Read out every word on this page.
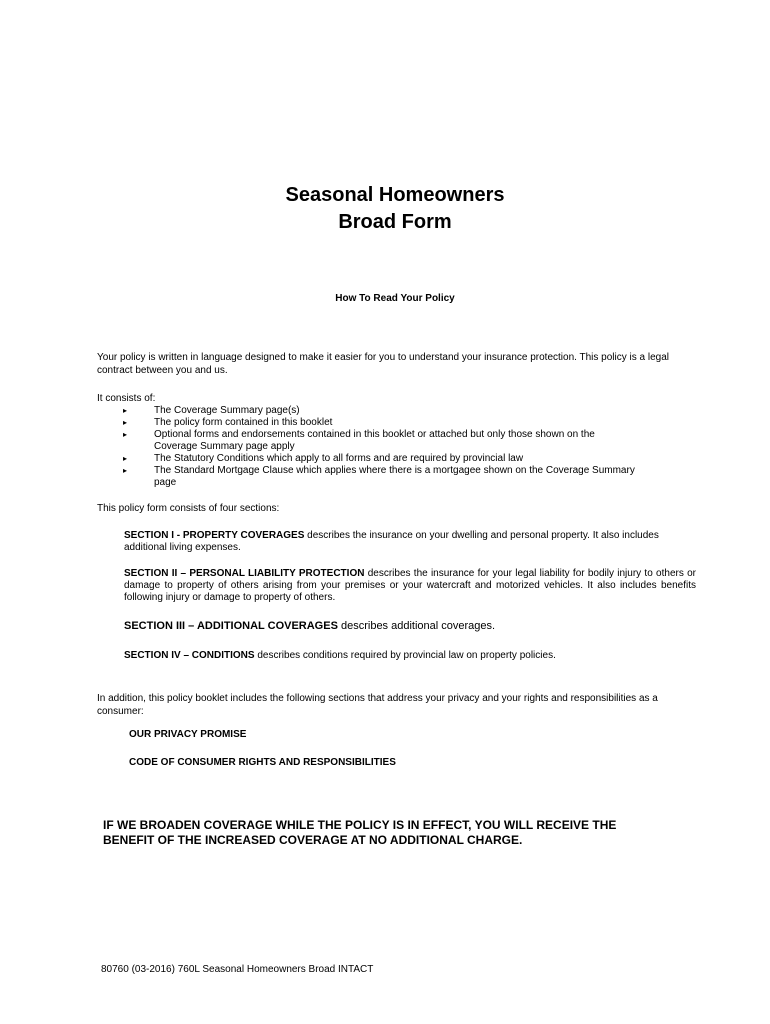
Seasonal Homeowners
Broad Form
How To Read Your Policy
Your policy is written in language designed to make it easier for you to understand your insurance protection. This policy is a legal contract between you and us.
It consists of:
▸	The Coverage Summary page(s)
▸	The policy form contained in this booklet
▸	Optional forms and endorsements contained in this booklet or attached but only those shown on the Coverage Summary page apply
▸	The Statutory Conditions which apply to all forms and are required by provincial law
▸	The Standard Mortgage Clause which applies where there is a mortgagee shown on the Coverage Summary page
This policy form consists of four sections:
SECTION I - PROPERTY COVERAGES describes the insurance on your dwelling and personal property. It also includes additional living expenses.
SECTION II – PERSONAL LIABILITY PROTECTION describes the insurance for your legal liability for bodily injury to others or damage to property of others arising from your premises or your watercraft and motorized vehicles. It also includes benefits following injury or damage to property of others.
SECTION III – ADDITIONAL COVERAGES describes additional coverages.
SECTION IV – CONDITIONS describes conditions required by provincial law on property policies.
In addition, this policy booklet includes the following sections that address your privacy and your rights and responsibilities as a consumer:
OUR PRIVACY PROMISE
CODE OF CONSUMER RIGHTS AND RESPONSIBILITIES
IF WE BROADEN COVERAGE WHILE THE POLICY IS IN EFFECT, YOU WILL RECEIVE THE BENEFIT OF THE INCREASED COVERAGE AT NO ADDITIONAL CHARGE.
80760 (03-2016) 760L Seasonal Homeowners Broad INTACT
